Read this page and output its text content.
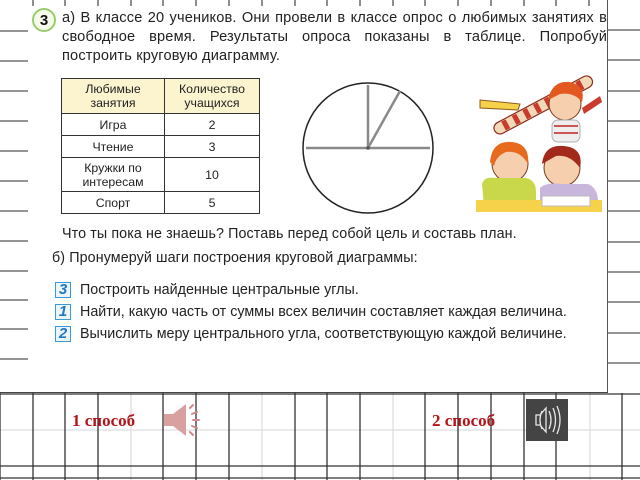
3 а) В классе 20 учеников. Они провели в классе опрос о любимых занятиях в свободное время. Результаты опроса показаны в таблице. Попробуй построить круговую диаграмму.
Любимые занятия	Количество учащихся
Игра	2
Чтение	3
Кружки по интересам	10
Спорт	5
Что ты пока не знаешь? Поставь перед собой цель и составь план.
б) Пронумеруй шаги построения круговой диаграммы:
3 Построить найденные центральные углы.
1 Найти, какую часть от суммы всех величин составляет каждая величина.
2 Вычислить меру центрального угла, соответствующую каждой величине.
1 способ	2 способ
